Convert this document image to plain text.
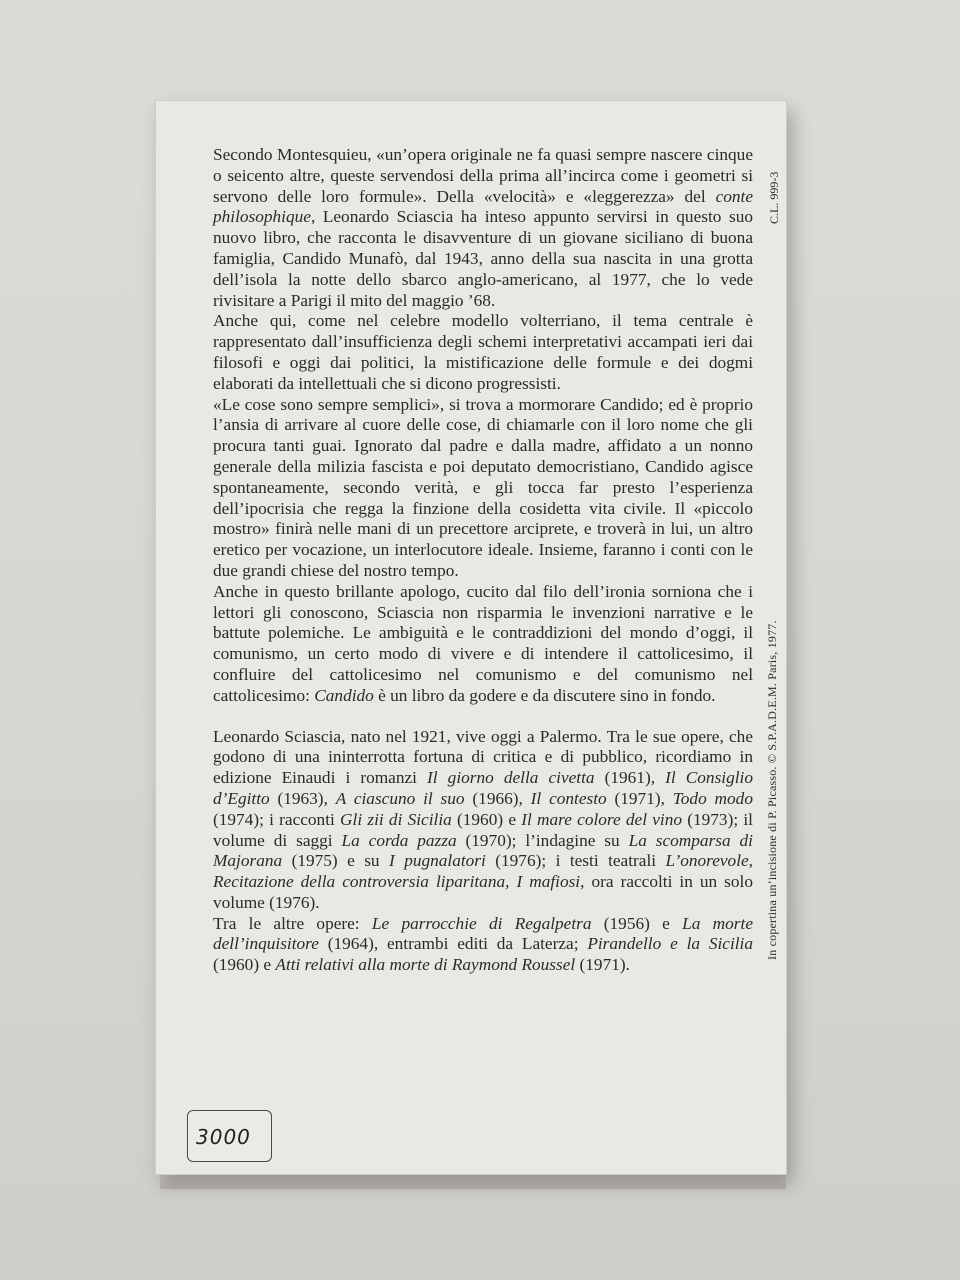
Secondo Montesquieu, «un’opera originale ne fa quasi sempre nascere cinque o seicento altre, queste servendosi della prima all’incirca come i geometri si servono delle loro formule». Della «velocità» e «leggerezza» del conte philosophique, Leonardo Sciascia ha inteso appunto servirsi in questo suo nuovo libro, che racconta le disavventure di un giovane siciliano di buona famiglia, Candido Munafò, dal 1943, anno della sua nascita in una grotta dell’isola la notte dello sbarco anglo-americano, al 1977, che lo vede rivisitare a Parigi il mito del maggio ’68.

Anche qui, come nel celebre modello volterriano, il tema centrale è rappresentato dall’insufficienza degli schemi interpretativi accampati ieri dai filosofi e oggi dai politici, la mistificazione delle formule e dei dogmi elaborati da intellettuali che si dicono progressisti.

«Le cose sono sempre semplici», si trova a mormorare Candido; ed è proprio l’ansia di arrivare al cuore delle cose, di chiamarle con il loro nome che gli procura tanti guai. Ignorato dal padre e dalla madre, affidato a un nonno generale della milizia fascista e poi deputato democristiano, Candido agisce spontaneamente, secondo verità, e gli tocca far presto l’esperienza dell’ipocrisia che regga la finzione della cosidetta vita civile. Il «piccolo mostro» finirà nelle mani di un precettore arciprete, e troverà in lui, un altro eretico per vocazione, un interlocutore ideale. Insieme, faranno i conti con le due grandi chiese del nostro tempo.

Anche in questo brillante apologo, cucito dal filo dell’ironia sorniona che i lettori gli conoscono, Sciascia non risparmia le invenzioni narrative e le battute polemiche. Le ambiguità e le contraddizioni del mondo d’oggi, il comunismo, un certo modo di vivere e di intendere il cattolicesimo, il confluire del cattolicesimo nel comunismo e del comunismo nel cattolicesimo: Candido è un libro da godere e da discutere sino in fondo.

Leonardo Sciascia, nato nel 1921, vive oggi a Palermo. Tra le sue opere, che godono di una ininterrotta fortuna di critica e di pubblico, ricordiamo in edizione Einaudi i romanzi Il giorno della civetta (1961), Il Consiglio d’Egitto (1963), A ciascuno il suo (1966), Il contesto (1971), Todo modo (1974); i racconti Gli zii di Sicilia (1960) e Il mare colore del vino (1973); il volume di saggi La corda pazza (1970); l’indagine su La scomparsa di Majorana (1975) e su I pugnalatori (1976); i testi teatrali L’onorevole, Recitazione della controversia liparitana, I mafiosi, ora raccolti in un solo volume (1976).

Tra le altre opere: Le parrocchie di Regalpetra (1956) e La morte dell’inquisitore (1964), entrambi editi da Laterza; Pirandello e la Sicilia (1960) e Atti relativi alla morte di Raymond Roussel (1971).

C.L. 999-3
In copertina un’incisione di P. Picasso. © S.P.A.D.E.M. Paris, 1977.
3000
